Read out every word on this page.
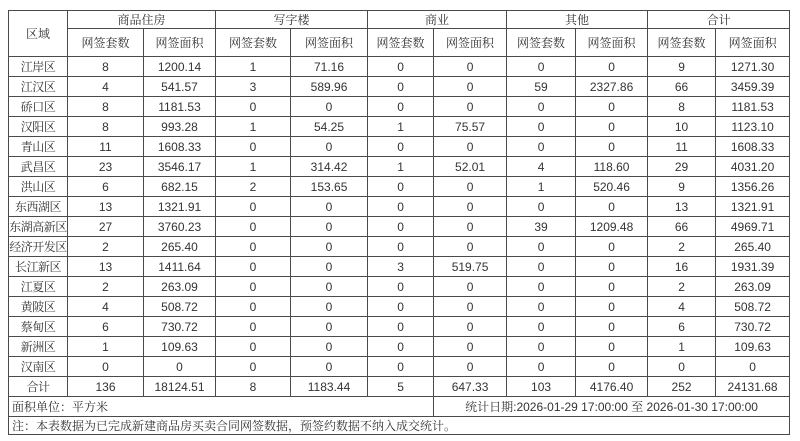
区域	商品住房		写字楼		商业		其他		合计	
	网签套数	网签面积	网签套数	网签面积	网签套数	网签面积	网签套数	网签面积	网签套数	网签面积
江岸区	8	1200.14	1	71.16	0	0	0	0	9	1271.30
江汉区	4	541.57	3	589.96	0	0	59	2327.86	66	3459.39
硚口区	8	1181.53	0	0	0	0	0	0	8	1181.53
汉阳区	8	993.28	1	54.25	1	75.57	0	0	10	1123.10
青山区	11	1608.33	0	0	0	0	0	0	11	1608.33
武昌区	23	3546.17	1	314.42	1	52.01	4	118.60	29	4031.20
洪山区	6	682.15	2	153.65	0	0	1	520.46	9	1356.26
东西湖区	13	1321.91	0	0	0	0	0	0	13	1321.91
东湖高新区	27	3760.23	0	0	0	0	39	1209.48	66	4969.71
经济开发区	2	265.40	0	0	0	0	0	0	2	265.40
长江新区	13	1411.64	0	0	3	519.75	0	0	16	1931.39
江夏区	2	263.09	0	0	0	0	0	0	2	263.09
黄陂区	4	508.72	0	0	0	0	0	0	4	508.72
蔡甸区	6	730.72	0	0	0	0	0	0	6	730.72
新洲区	1	109.63	0	0	0	0	0	0	1	109.63
汉南区	0	0	0	0	0	0	0	0	0	0
合计	136	18124.51	8	1183.44	5	647.33	103	4176.40	252	24131.68
面积单位：平方米						统计日期:2026-01-29 17:00:00 至 2026-01-30 17:00:00				
注：本表数据为已完成新建商品房买卖合同网签数据，预签约数据不纳入成交统计。										
